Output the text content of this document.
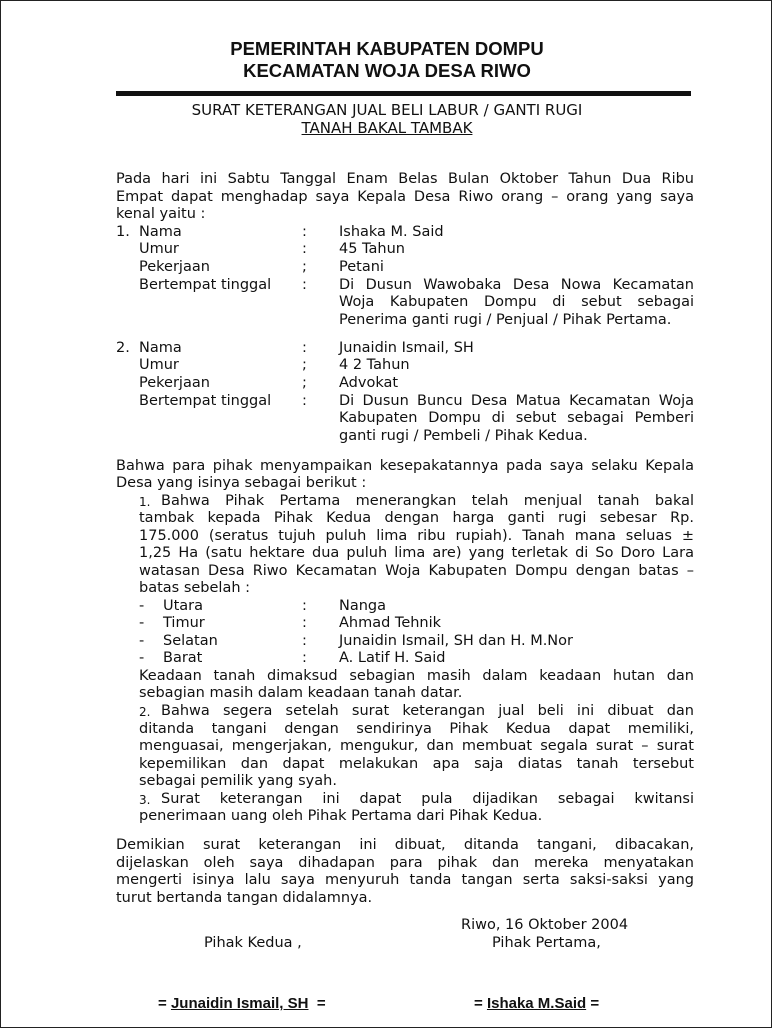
PEMERINTAH KABUPATEN DOMPU
KECAMATAN WOJA DESA RIWO
SURAT KETERANGAN JUAL BELI LABUR / GANTI RUGI
TANAH BAKAL TAMBAK
Pada hari ini Sabtu Tanggal Enam Belas Bulan Oktober Tahun Dua Ribu
Empat dapat menghadap saya Kepala Desa Riwo orang – orang yang saya
kenal yaitu :
1. Nama	: Ishaka M. Said
Umur	: 45 Tahun
Pekerjaan	; Petani
Bertempat tinggal : Di Dusun Wawobaka Desa Nowa Kecamatan
Woja Kabupaten Dompu di sebut sebagai
Penerima ganti rugi / Penjual / Pihak Pertama.
2. Nama	: Junaidin Ismail, SH
Umur	; 4 2 Tahun
Pekerjaan	; Advokat
Bertempat tinggal : Di Dusun Buncu Desa Matua Kecamatan Woja
Kabupaten Dompu di sebut sebagai Pemberi
ganti rugi / Pembeli / Pihak Kedua.
Bahwa para pihak menyampaikan kesepakatannya pada saya selaku Kepala
Desa yang isinya sebagai berikut :
1. Bahwa Pihak Pertama menerangkan telah menjual tanah bakal
tambak kepada Pihak Kedua dengan harga ganti rugi sebesar Rp.
175.000 (seratus tujuh puluh lima ribu rupiah). Tanah mana seluas ±
1,25 Ha (satu hektare dua puluh lima are) yang terletak di So Doro Lara
watasan Desa Riwo Kecamatan Woja Kabupaten Dompu dengan batas –
batas sebelah :
- Utara	: Nanga
- Timur	: Ahmad Tehnik
- Selatan	: Junaidin Ismail, SH dan H. M.Nor
- Barat	: A. Latif H. Said
Keadaan tanah dimaksud sebagian masih dalam keadaan hutan dan
sebagian masih dalam keadaan tanah datar.
2. Bahwa segera setelah surat keterangan jual beli ini dibuat dan
ditanda tangani dengan sendirinya Pihak Kedua dapat memiliki,
menguasai, mengerjakan, mengukur, dan membuat segala surat – surat
kepemilikan dan dapat melakukan apa saja diatas tanah tersebut
sebagai pemilik yang syah.
3. Surat keterangan ini dapat pula dijadikan sebagai kwitansi
penerimaan uang oleh Pihak Pertama dari Pihak Kedua.
Demikian surat keterangan ini dibuat, ditanda tangani, dibacakan,
dijelaskan oleh saya dihadapan para pihak dan mereka menyatakan
mengerti isinya lalu saya menyuruh tanda tangan serta saksi-saksi yang
turut bertanda tangan didalamnya.
Riwo, 16 Oktober 2004
Pihak Kedua ,	Pihak Pertama,
= Junaidin Ismail, SH  =	= Ishaka M.Said =
